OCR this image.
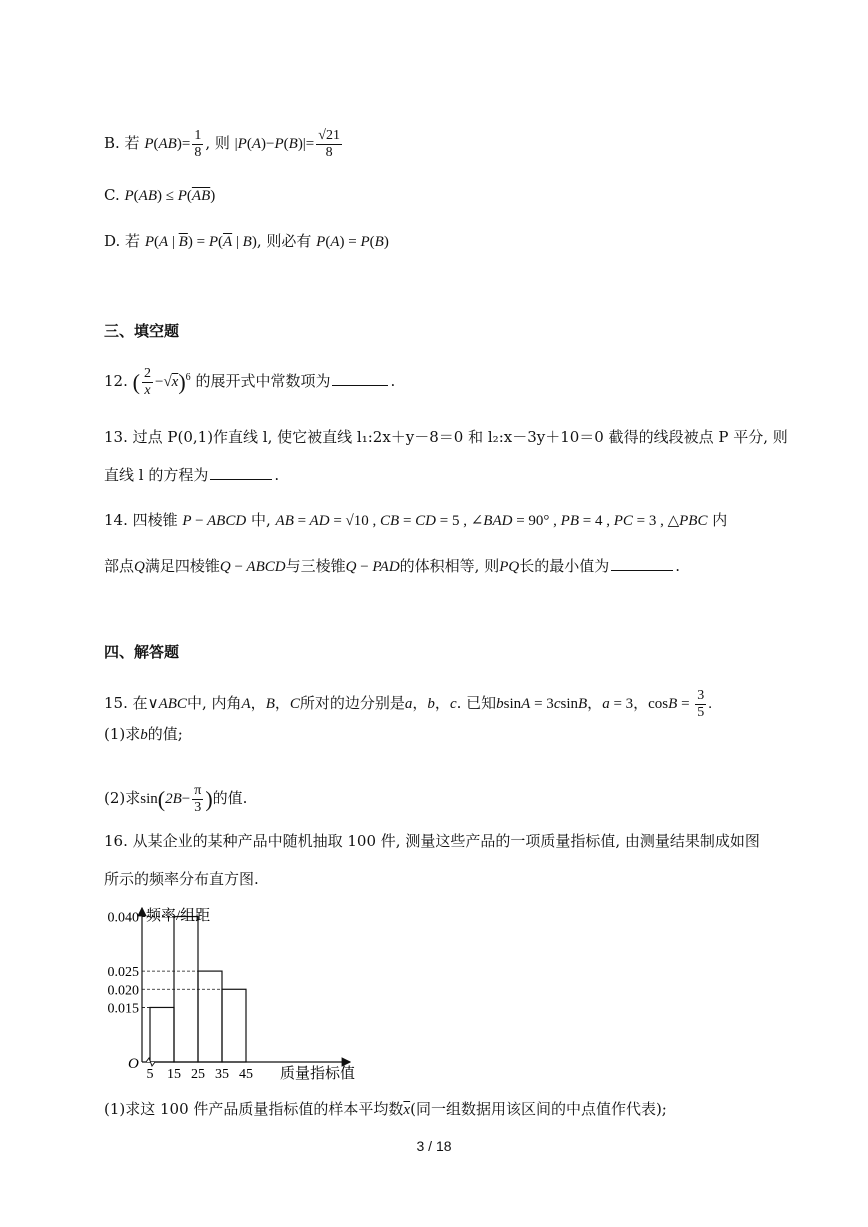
B. 若 $P(AB)= \frac{1}{8}$ , 则 $|P(A)-P(B)|= \frac{√21}{8}$
C. $P(AB) \le P(\overline{AB})$
D. 若 P(A | $\overline{B}) = P(\overline{A}$ | B), 则必有 P(A) = P(B)
三、填空题
12. ( $\frac{2}{x} -√x)^6$ 的展开式中常数项为	.
13. 过点 P(0,1)作直线 l, 使它被直线 l₁:2x＋y－8＝0 和 l₂:x－3y＋10＝0 截得的线段被点 P 平分, 则
直线 l 的方程为	.
14. 四棱锥 P − ABCD 中, AB = AD = √10 , CB = CD = 5 , ∠BAD = 90° , PB = 4 , PC = 3 , △PBC 内
部点Q满足四棱锥Q − ABCD与三棱锥Q − PAD的体积相等, 则PQ长的最小值为	.
四、解答题
15. 在∨ABC中, 内角A，B，C所对的边分别是a，b，c. 已知bsinA = 3csinB，a = 3，$\cos B = \frac{3}{5}$ .
(1)求b的值;
(2)求$\sin(2B- \frac{\pi}{3}$ )的值.
16. 从某企业的某种产品中随机抽取 100 件, 测量这些产品的一项质量指标值, 由测量结果制成如图
所示的频率分布直方图.
0.040
0.025
0.020
0.015
5 15 25 35 45
O
频率/组距
质量指标值
(1)求这 100 件产品质量指标值的样本平均数$\overline{x}$(同一组数据用该区间的中点值作代表);
3 / 18
